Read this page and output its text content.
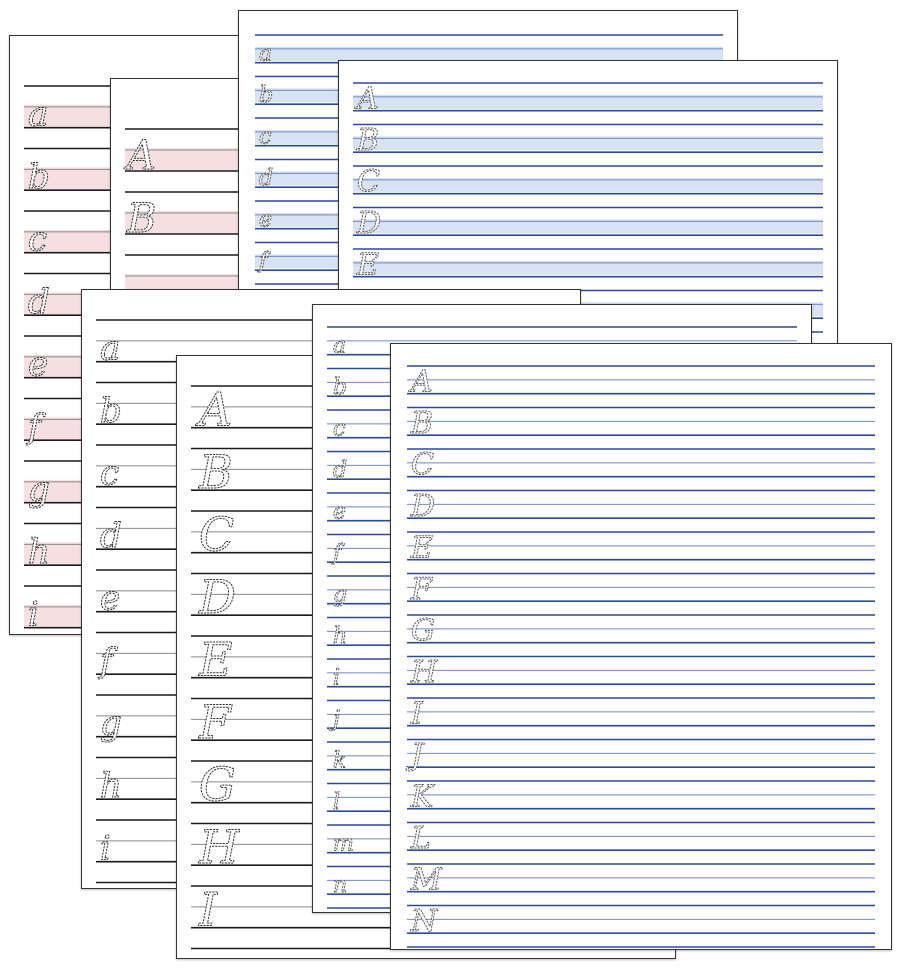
a
b
c
d
e
f
g
h
i
A
B
a
b
c
d
e
f
A
B
C
D
E
a
b
c
d
e
f
g
h
i
A
B
C
D
E
F
G
H
I
a
b
c
d
e
f
g
h
i
j
k
l
m
n
A
B
C
D
E
F
G
H
I
J
K
L
M
N
